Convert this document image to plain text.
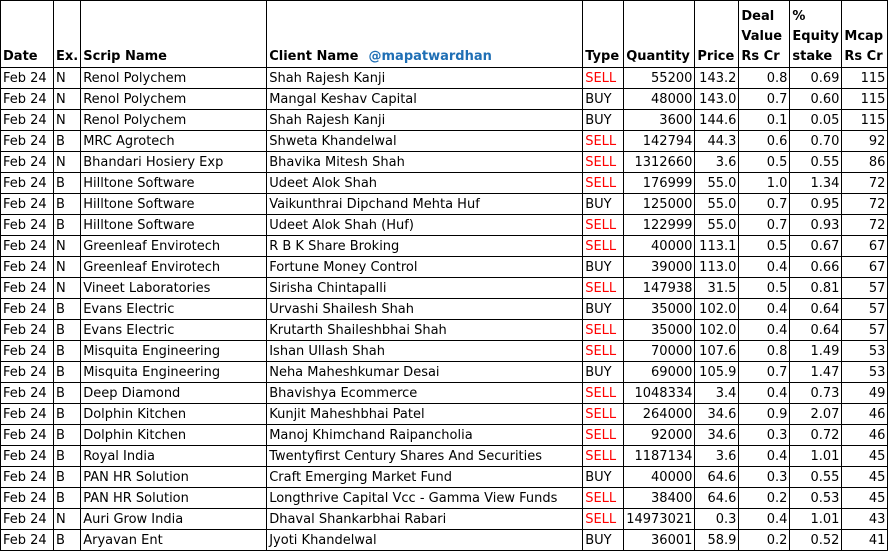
Date	Ex.	Scrip Name	Client Name @mapatwardhan	Type	Quantity	Price	Deal Value Rs Cr	% Equity stake	Mcap Rs Cr
Feb 24	N	Renol Polychem	Shah Rajesh Kanji	SELL	55200	143.2	0.8	0.69	115
Feb 24	N	Renol Polychem	Mangal Keshav Capital	BUY	48000	143.0	0.7	0.60	115
Feb 24	N	Renol Polychem	Shah Rajesh Kanji	BUY	3600	144.6	0.1	0.05	115
Feb 24	B	MRC Agrotech	Shweta Khandelwal	SELL	142794	44.3	0.6	0.70	92
Feb 24	N	Bhandari Hosiery Exp	Bhavika Mitesh Shah	SELL	1312660	3.6	0.5	0.55	86
Feb 24	B	Hilltone Software	Udeet Alok Shah	SELL	176999	55.0	1.0	1.34	72
Feb 24	B	Hilltone Software	Vaikunthrai Dipchand Mehta Huf	BUY	125000	55.0	0.7	0.95	72
Feb 24	B	Hilltone Software	Udeet Alok Shah (Huf)	SELL	122999	55.0	0.7	0.93	72
Feb 24	N	Greenleaf Envirotech	R B K Share Broking	SELL	40000	113.1	0.5	0.67	67
Feb 24	N	Greenleaf Envirotech	Fortune Money Control	BUY	39000	113.0	0.4	0.66	67
Feb 24	N	Vineet Laboratories	Sirisha Chintapalli	SELL	147938	31.5	0.5	0.81	57
Feb 24	B	Evans Electric	Urvashi Shailesh Shah	BUY	35000	102.0	0.4	0.64	57
Feb 24	B	Evans Electric	Krutarth Shaileshbhai Shah	SELL	35000	102.0	0.4	0.64	57
Feb 24	B	Misquita Engineering	Ishan Ullash Shah	SELL	70000	107.6	0.8	1.49	53
Feb 24	B	Misquita Engineering	Neha Maheshkumar Desai	BUY	69000	105.9	0.7	1.47	53
Feb 24	B	Deep Diamond	Bhavishya Ecommerce	SELL	1048334	3.4	0.4	0.73	49
Feb 24	B	Dolphin Kitchen	Kunjit Maheshbhai Patel	SELL	264000	34.6	0.9	2.07	46
Feb 24	B	Dolphin Kitchen	Manoj Khimchand Raipancholia	SELL	92000	34.6	0.3	0.72	46
Feb 24	B	Royal India	Twentyfirst Century Shares And Securities	SELL	1187134	3.6	0.4	1.01	45
Feb 24	B	PAN HR Solution	Craft Emerging Market Fund	BUY	40000	64.6	0.3	0.55	45
Feb 24	B	PAN HR Solution	Longthrive Capital Vcc - Gamma View Funds	SELL	38400	64.6	0.2	0.53	45
Feb 24	N	Auri Grow India	Dhaval Shankarbhai Rabari	SELL	14973021	0.3	0.4	1.01	43
Feb 24	B	Aryavan Ent	Jyoti Khandelwal	BUY	36001	58.9	0.2	0.52	41
